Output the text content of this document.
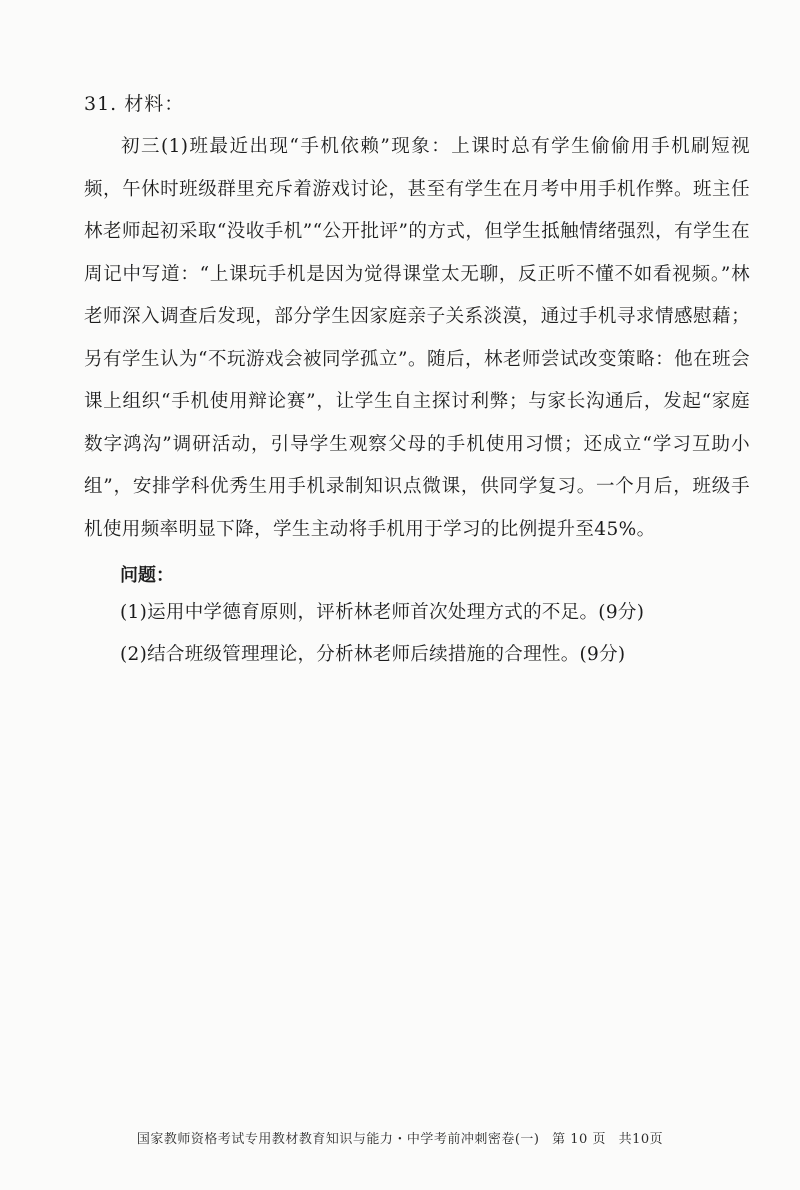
31. 材料：

初三(1)班最近出现“手机依赖”现象：上课时总有学生偷偷用手机刷短视频，午休时班级群里充斥着游戏讨论，甚至有学生在月考中用手机作弊。班主任林老师起初采取“没收手机”“公开批评”的方式，但学生抵触情绪强烈，有学生在周记中写道：“上课玩手机是因为觉得课堂太无聊，反正听不懂不如看视频。”林老师深入调查后发现，部分学生因家庭亲子关系淡漠，通过手机寻求情感慰藉；另有学生认为“不玩游戏会被同学孤立”。随后，林老师尝试改变策略：他在班会课上组织“手机使用辩论赛”，让学生自主探讨利弊；与家长沟通后，发起“家庭数字鸿沟”调研活动，引导学生观察父母的手机使用习惯；还成立“学习互助小组”，安排学科优秀生用手机录制知识点微课，供同学复习。一个月后，班级手机使用频率明显下降，学生主动将手机用于学习的比例提升至45%。

问题：
(1)运用中学德育原则，评析林老师首次处理方式的不足。(9分)
(2)结合班级管理理论，分析林老师后续措施的合理性。(9分)
国家教师资格考试专用教材教育知识与能力・中学考前冲刺密卷(一) 第 10 页 共10页
